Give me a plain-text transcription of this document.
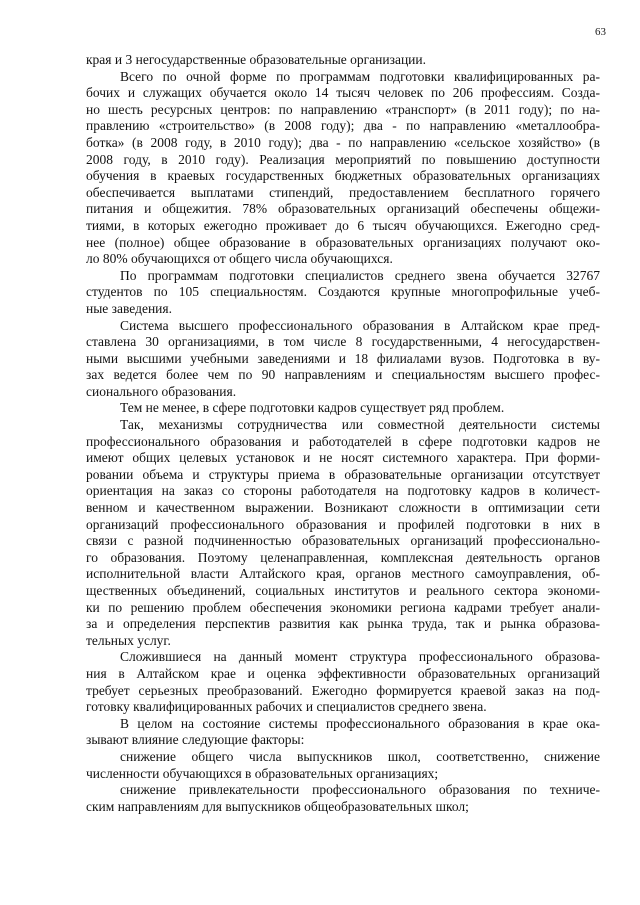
63
края и 3 негосударственные образовательные организации.
Всего по очной форме по программам подготовки квалифицированных ра-
бочих и служащих обучается около 14 тысяч человек по 206 профессиям. Созда-
но шесть ресурсных центров: по направлению «транспорт» (в 2011 году); по на-
правлению «строительство» (в 2008 году); два - по направлению «металлообра-
ботка» (в 2008 году, в 2010 году); два - по направлению «сельское хозяйство» (в
2008 году, в 2010 году). Реализация мероприятий по повышению доступности
обучения в краевых государственных бюджетных образовательных организациях
обеспечивается выплатами стипендий, предоставлением бесплатного горячего
питания и общежития. 78% образовательных организаций обеспечены общежи-
тиями, в которых ежегодно проживает до 6 тысяч обучающихся. Ежегодно сред-
нее (полное) общее образование в образовательных организациях получают око-
ло 80% обучающихся от общего числа обучающихся.
По программам подготовки специалистов среднего звена обучается 32767
студентов по 105 специальностям. Создаются крупные многопрофильные учеб-
ные заведения.
Система высшего профессионального образования в Алтайском крае пред-
ставлена 30 организациями, в том числе 8 государственными, 4 негосударствен-
ными высшими учебными заведениями и 18 филиалами вузов. Подготовка в ву-
зах ведется более чем по 90 направлениям и специальностям высшего профес-
сионального образования.
Тем не менее, в сфере подготовки кадров существует ряд проблем.
Так, механизмы сотрудничества или совместной деятельности системы
профессионального образования и работодателей в сфере подготовки кадров не
имеют общих целевых установок и не носят системного характера. При форми-
ровании объема и структуры приема в образовательные организации отсутствует
ориентация на заказ со стороны работодателя на подготовку кадров в количест-
венном и качественном выражении. Возникают сложности в оптимизации сети
организаций профессионального образования и профилей подготовки в них в
связи с разной подчиненностью образовательных организаций профессионально-
го образования. Поэтому целенаправленная, комплексная деятельность органов
исполнительной власти Алтайского края, органов местного самоуправления, об-
щественных объединений, социальных институтов и реального сектора экономи-
ки по решению проблем обеспечения экономики региона кадрами требует анали-
за и определения перспектив развития как рынка труда, так и рынка образова-
тельных услуг.
Сложившиеся на данный момент структура профессионального образова-
ния в Алтайском крае и оценка эффективности образовательных организаций
требует серьезных преобразований. Ежегодно формируется краевой заказ на под-
готовку квалифицированных рабочих и специалистов среднего звена.
В целом на состояние системы профессионального образования в крае ока-
зывают влияние следующие факторы:
снижение общего числа выпускников школ, соответственно, снижение
численности обучающихся в образовательных организациях;
снижение привлекательности профессионального образования по техниче-
ским направлениям для выпускников общеобразовательных школ;
